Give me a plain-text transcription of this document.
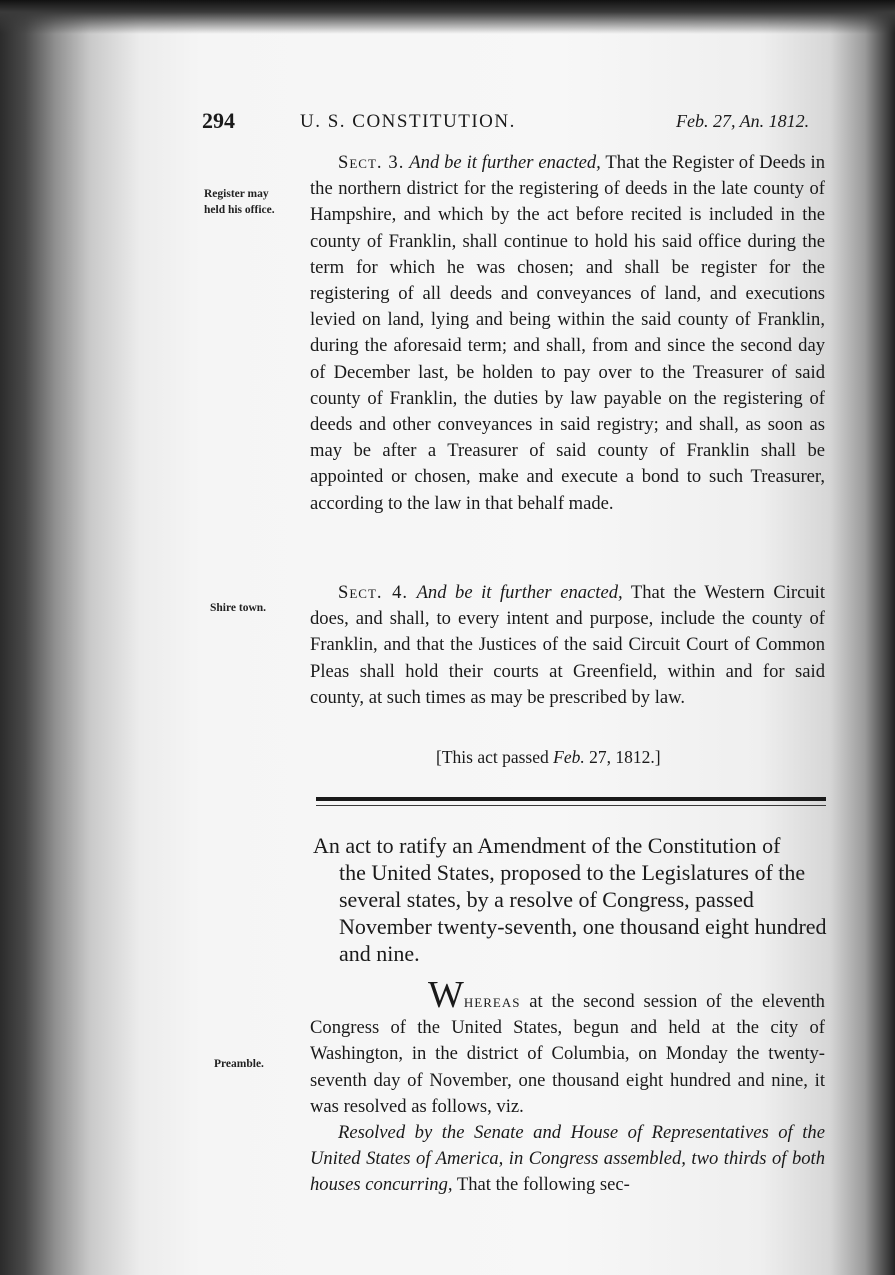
294	U. S. CONSTITUTION.	Feb. 27, An. 1812.
Register may
held his office.
Shire town.
Preamble.

Sect. 3. And be it further enacted, That the Register of Deeds in the northern district for the registering of deeds in the late county of Hampshire, and which by the act before recited is included in the county of Franklin, shall continue to hold his said office during the term for which he was chosen; and shall be register for the registering of all deeds and conveyances of land, and executions levied on land, lying and being within the said county of Franklin, during the aforesaid term; and shall, from and since the second day of December last, be holden to pay over to the Treasurer of said county of Franklin, the duties by law payable on the registering of deeds and other conveyances in said registry; and shall, as soon as may be after a Treasurer of said county of Franklin shall be appointed or chosen, make and execute a bond to such Treasurer, according to the law in that behalf made.

Sect. 4. And be it further enacted, That the Western Circuit does, and shall, to every intent and purpose, include the county of Franklin, and that the Justices of the said Circuit Court of Common Pleas shall hold their courts at Greenfield, within and for said county, at such times as may be prescribed by law.

[This act passed Feb. 27, 1812.]
An act to ratify an Amendment of the Constitution of
the United States, proposed to the Legislatures of the several states, by a resolve of Congress, passed November twenty-seventh, one thousand eight hundred and nine.

Whereas at the second session of the eleventh Congress of the United States, begun and held at the city of Washington, in the district of Columbia, on Monday the twenty-seventh day of November, one thousand eight hundred and nine, it was resolved as follows, viz.

Resolved by the Senate and House of Representatives of the United States of America, in Congress assembled, two thirds of both houses concurring, That the following sec-
